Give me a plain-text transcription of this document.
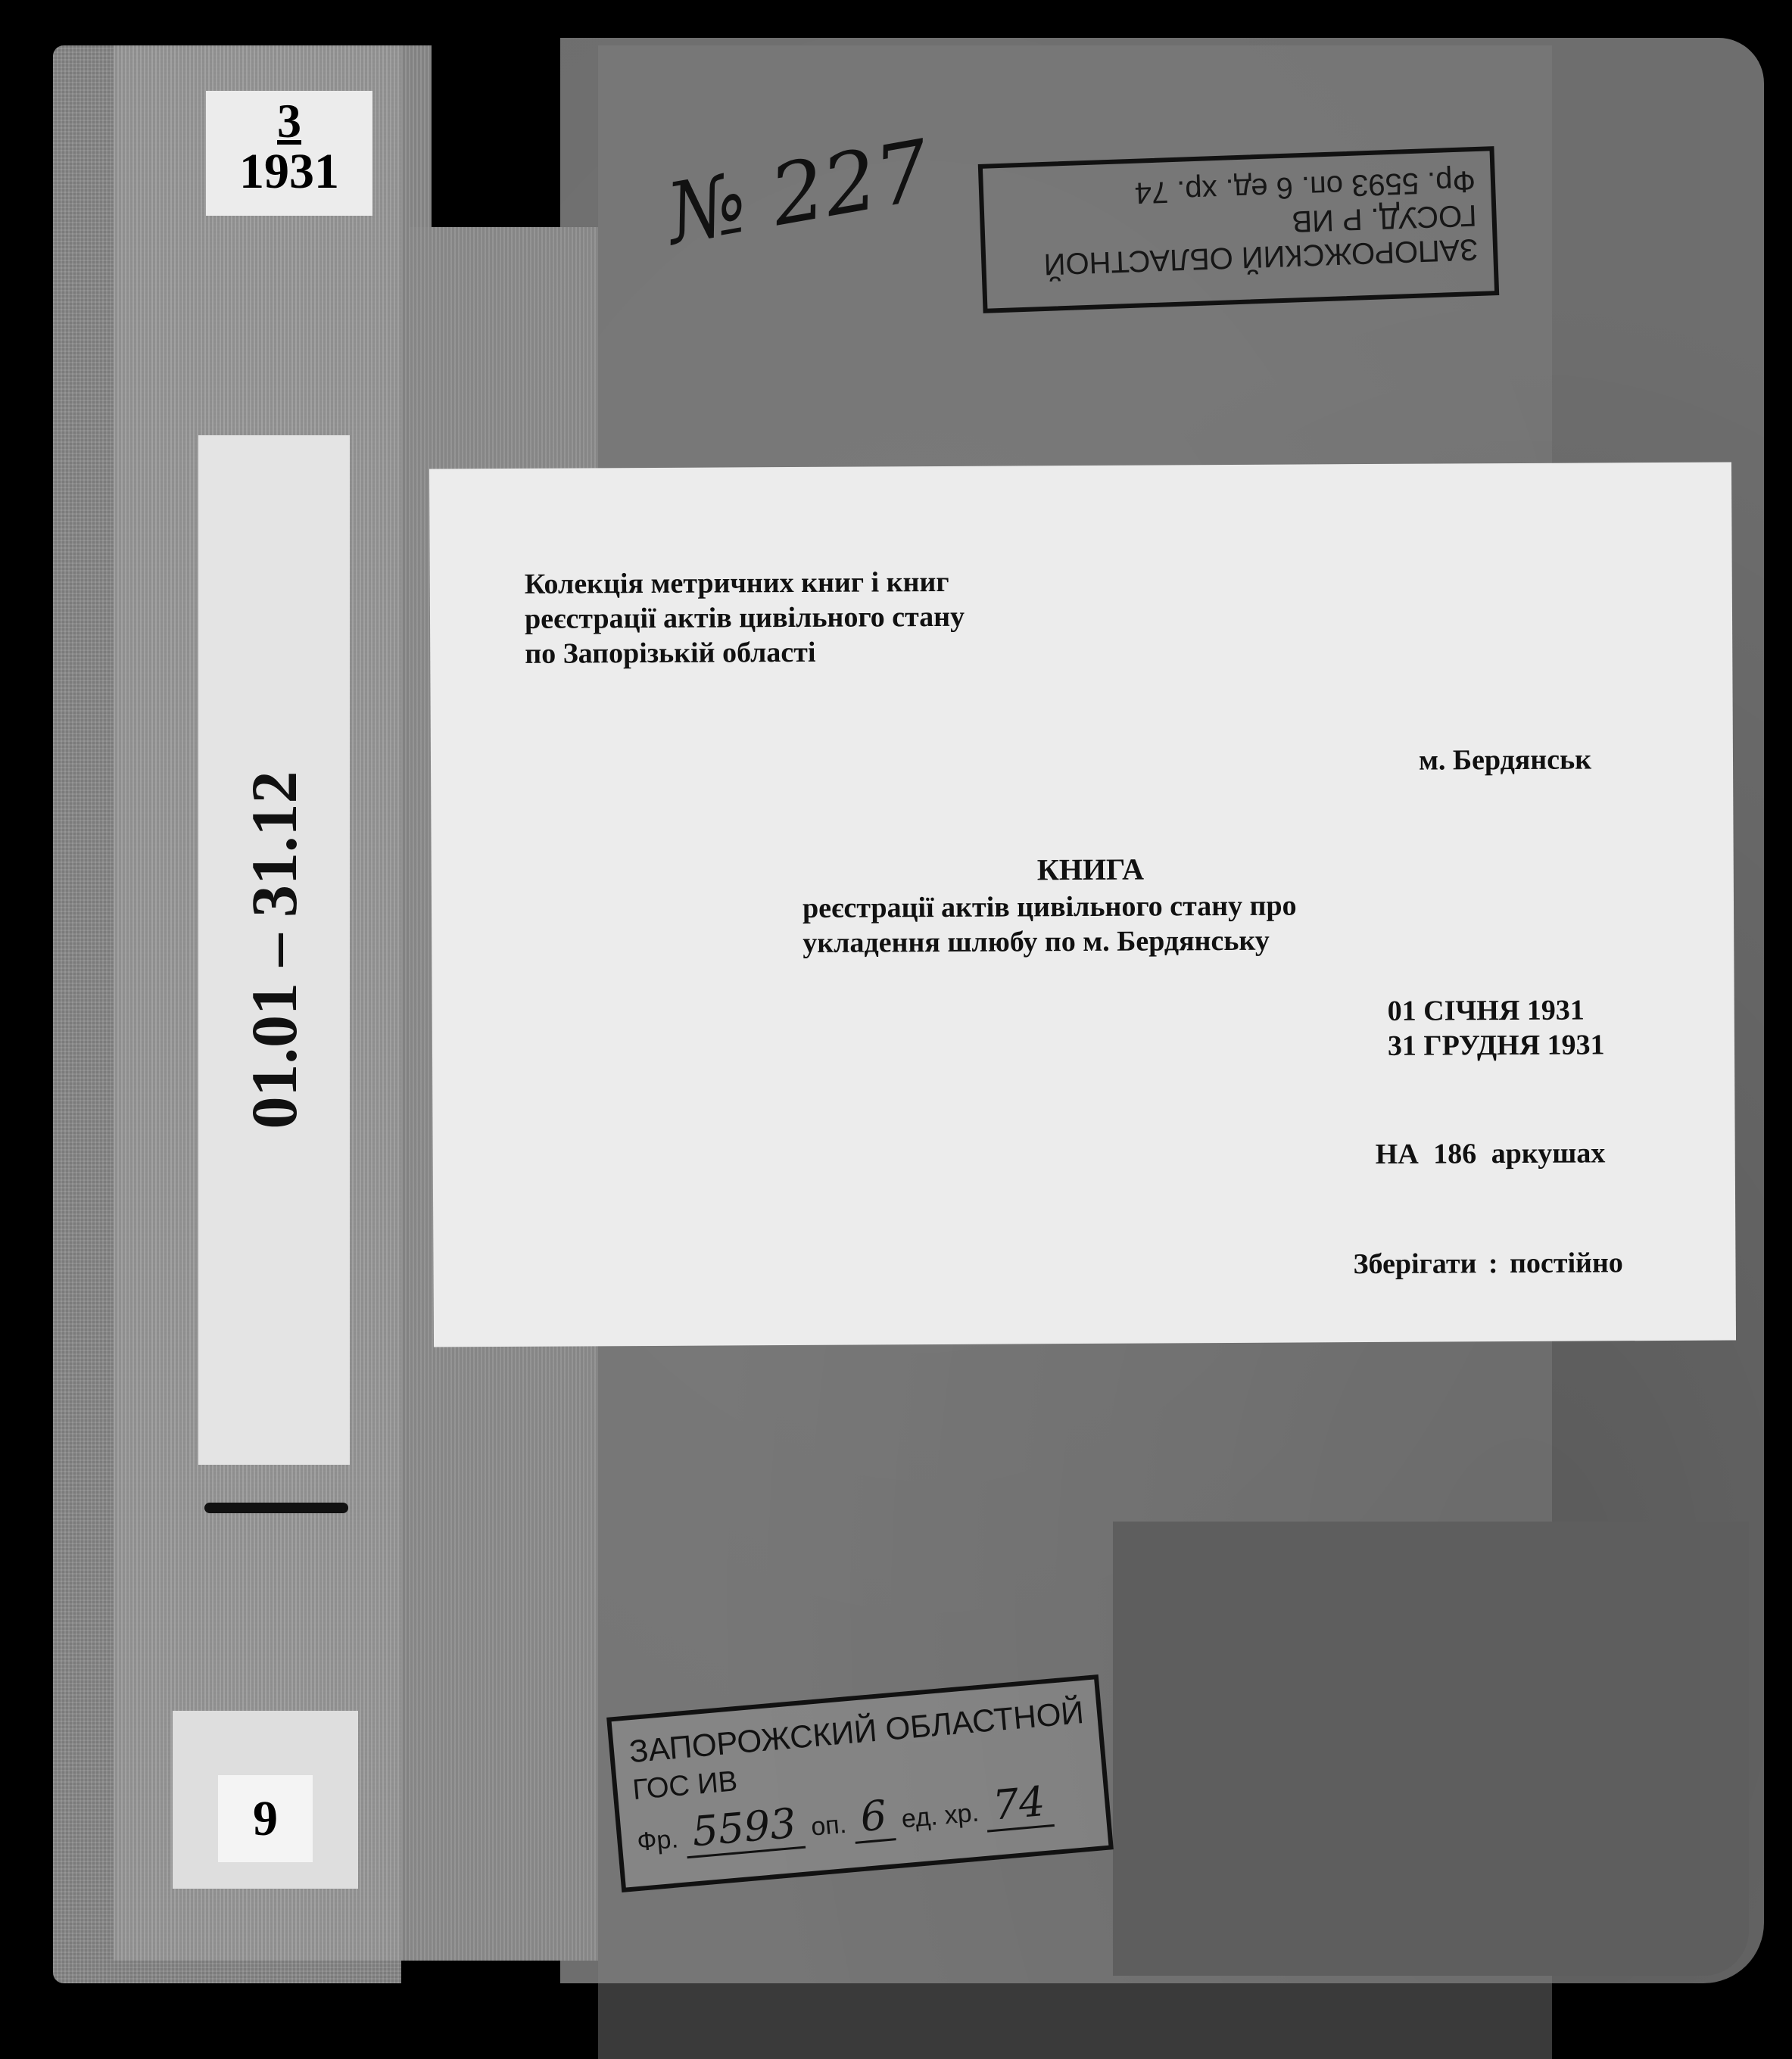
3
1931
01.01 – 31.12
9
№ 227	ЗАПОРОЖСКИЙ ОБЛАСТНОЙ
ГОСУД. Р ИВ
Фр. 5593 оп. 6 ед. хр. 74
Колекція метричних книг і книг
реєстрації актів цивільного стану
по Запорізькій області
м. Бердянськ
КНИГА
реєстрації актів цивільного стану про
укладення шлюбу по м. Бердянську
01 СІЧНЯ 1931
31 ГРУДНЯ 1931
НА 186 аркушах
Зберігати : постійно
ЗАПОРОЖСКИЙ ОБЛАСТНОЙ
ГОС ИВ
Фр. 5593 оп. 6 ед. хр. 74
